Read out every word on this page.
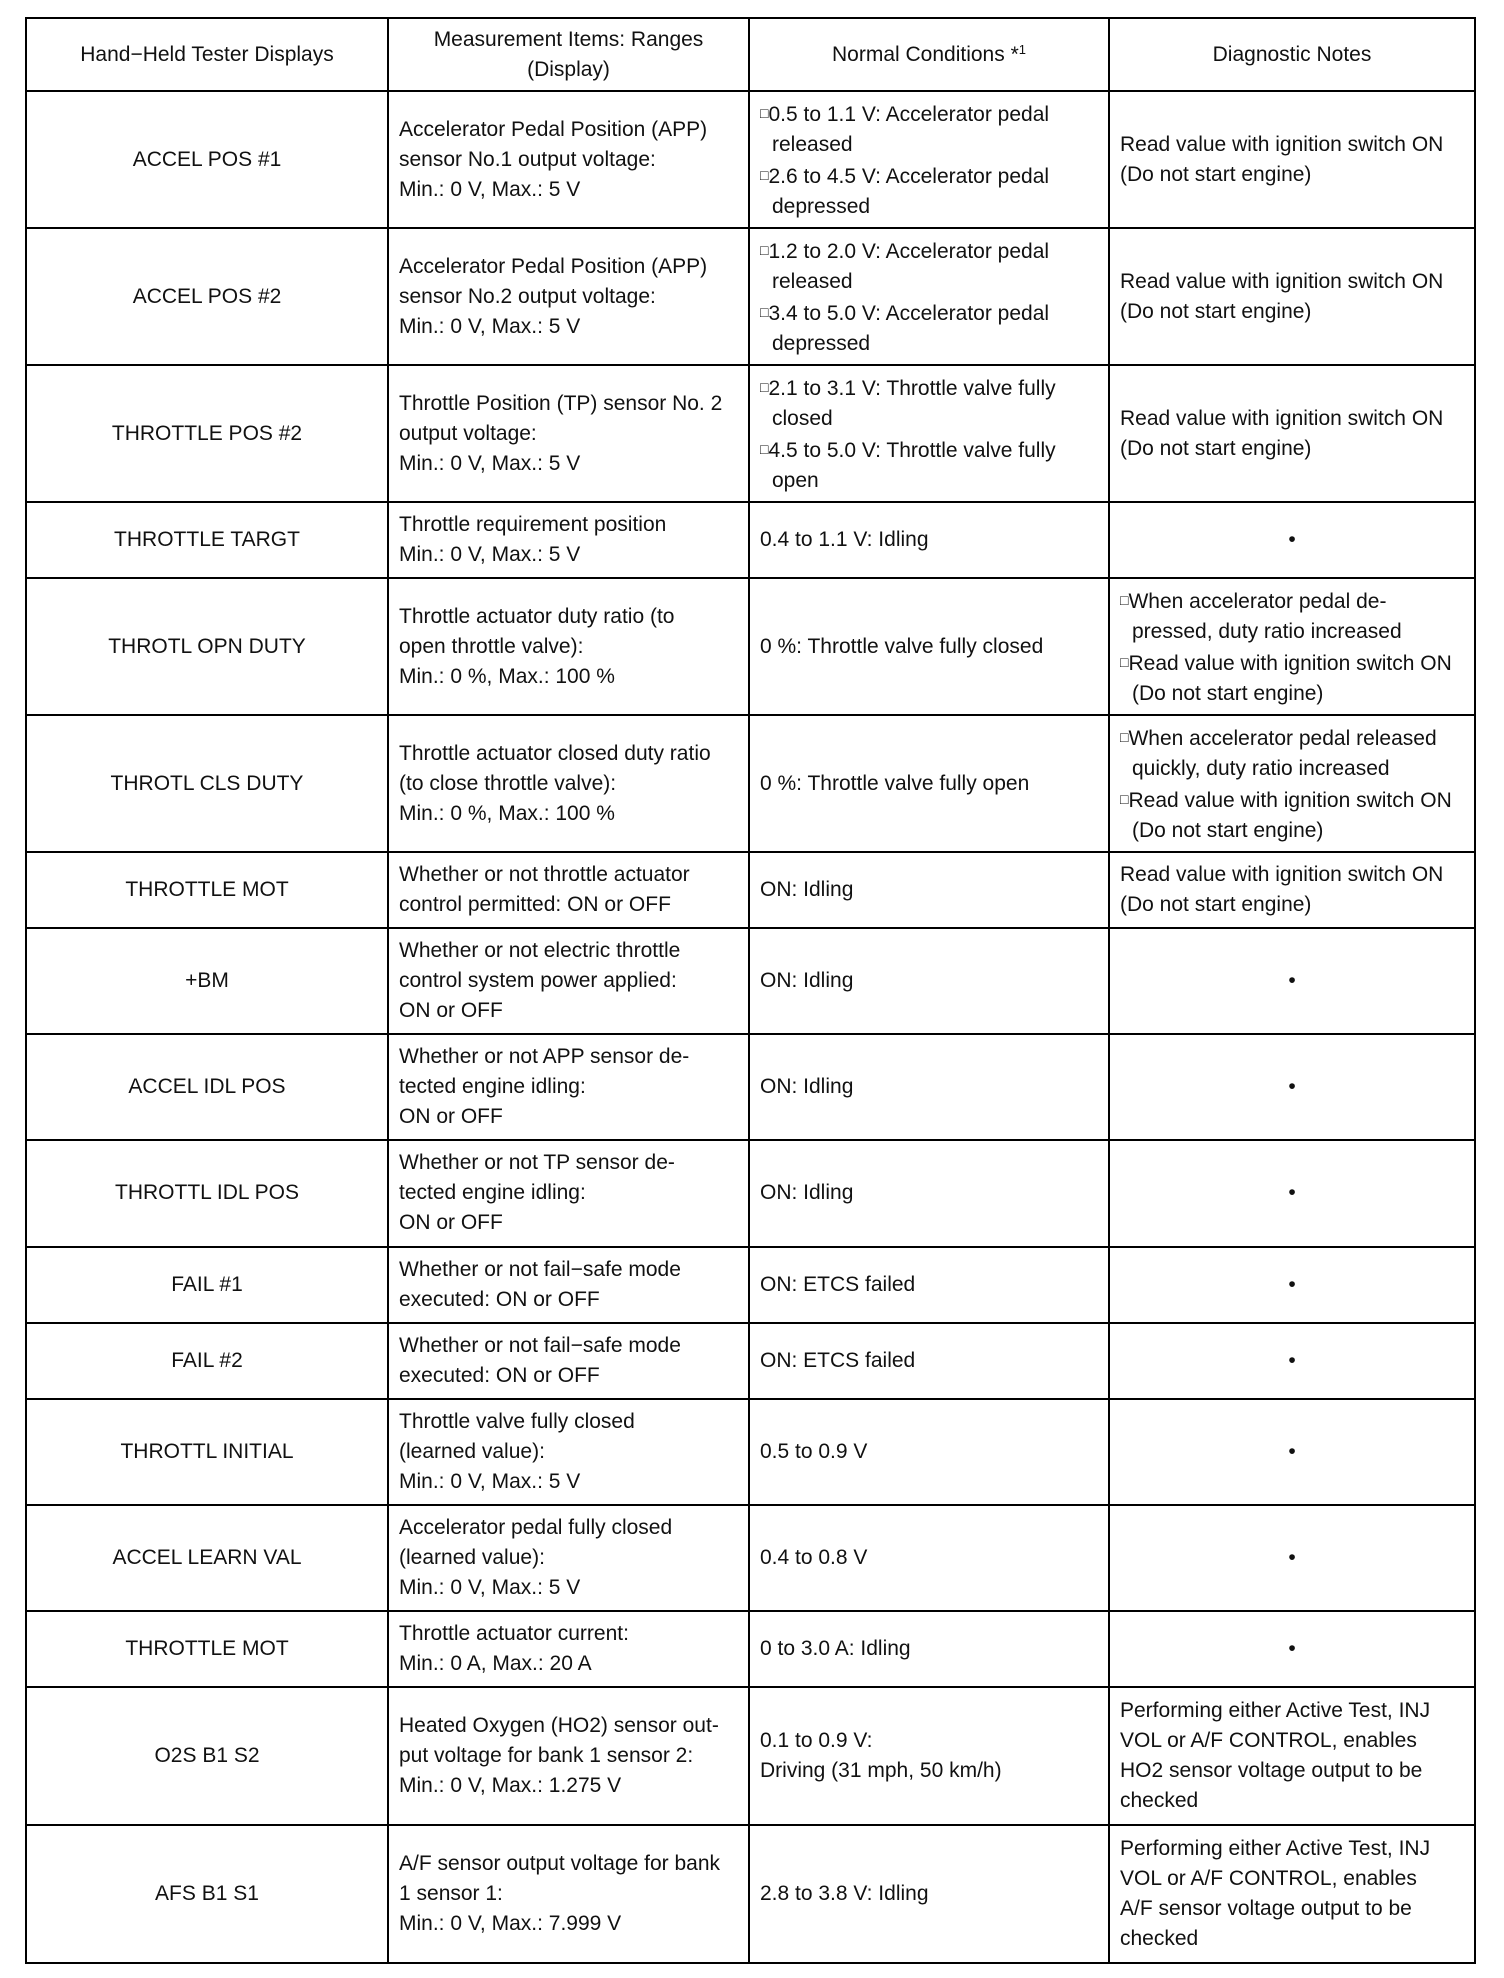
Hand−Held Tester Displays	Measurement Items: Ranges
(Display)	Normal Conditions *$^1$	Diagnostic Notes
ACCEL POS #1	Accelerator Pedal Position (APP)
sensor No.1 output voltage:
Min.: 0 V, Max.: 5 V	□ 0.5 to 1.1 V: Accelerator pedal released
□ 2.6 to 4.5 V: Accelerator pedal depressed	Read value with ignition switch ON
(Do not start engine)

ACCEL POS #2	Accelerator Pedal Position (APP)
sensor No.2 output voltage:
Min.: 0 V, Max.: 5 V	□ 1.2 to 2.0 V: Accelerator pedal released
□ 3.4 to 5.0 V: Accelerator pedal depressed	Read value with ignition switch ON
(Do not start engine)

THROTTLE POS #2	Throttle Position (TP) sensor No. 2
output voltage:
Min.: 0 V, Max.: 5 V	□ 2.1 to 3.1 V: Throttle valve fully closed
□ 4.5 to 5.0 V: Throttle valve fully open	Read value with ignition switch ON
(Do not start engine)

THROTTLE TARGT	Throttle requirement position
Min.: 0 V, Max.: 5 V	0.4 to 1.1 V: Idling	•
THROTL OPN DUTY	Throttle actuator duty ratio (to
open throttle valve):
Min.: 0 %, Max.: 100 %	0 %: Throttle valve fully closed	□ When accelerator pedal de- pressed, duty ratio increased
□ Read value with ignition switch ON (Do not start engine)

THROTL CLS DUTY	Throttle actuator closed duty ratio
(to close throttle valve):
Min.: 0 %, Max.: 100 %	0 %: Throttle valve fully open	□ When accelerator pedal released quickly, duty ratio increased
□ Read value with ignition switch ON (Do not start engine)

THROTTLE MOT	Whether or not throttle actuator
control permitted: ON or OFF	ON: Idling	Read value with ignition switch ON
(Do not start engine)

+BM	Whether or not electric throttle
control system power applied:
ON or OFF	ON: Idling	•
ACCEL IDL POS	Whether or not APP sensor de-
tected engine idling:
ON or OFF	ON: Idling	•
THROTTL IDL POS	Whether or not TP sensor de-
tected engine idling:
ON or OFF	ON: Idling	•
FAIL #1	Whether or not fail−safe mode
executed: ON or OFF	ON: ETCS failed	•
FAIL #2	Whether or not fail−safe mode
executed: ON or OFF	ON: ETCS failed	•
THROTTL INITIAL	Throttle valve fully closed
(learned value):
Min.: 0 V, Max.: 5 V	0.5 to 0.9 V	•
ACCEL LEARN VAL	Accelerator pedal fully closed
(learned value):
Min.: 0 V, Max.: 5 V	0.4 to 0.8 V	•
THROTTLE MOT	Throttle actuator current:
Min.: 0 A, Max.: 20 A	0 to 3.0 A: Idling	•
O2S B1 S2	Heated Oxygen (HO2) sensor out-
put voltage for bank 1 sensor 2:
Min.: 0 V, Max.: 1.275 V	0.1 to 0.9 V:
Driving (31 mph, 50 km/h)	Performing either Active Test, INJ
VOL or A/F CONTROL, enables
HO2 sensor voltage output to be
checked

AFS B1 S1	A/F sensor output voltage for bank
1 sensor 1:
Min.: 0 V, Max.: 7.999 V	2.8 to 3.8 V: Idling	Performing either Active Test, INJ
VOL or A/F CONTROL, enables
A/F sensor voltage output to be
checked
